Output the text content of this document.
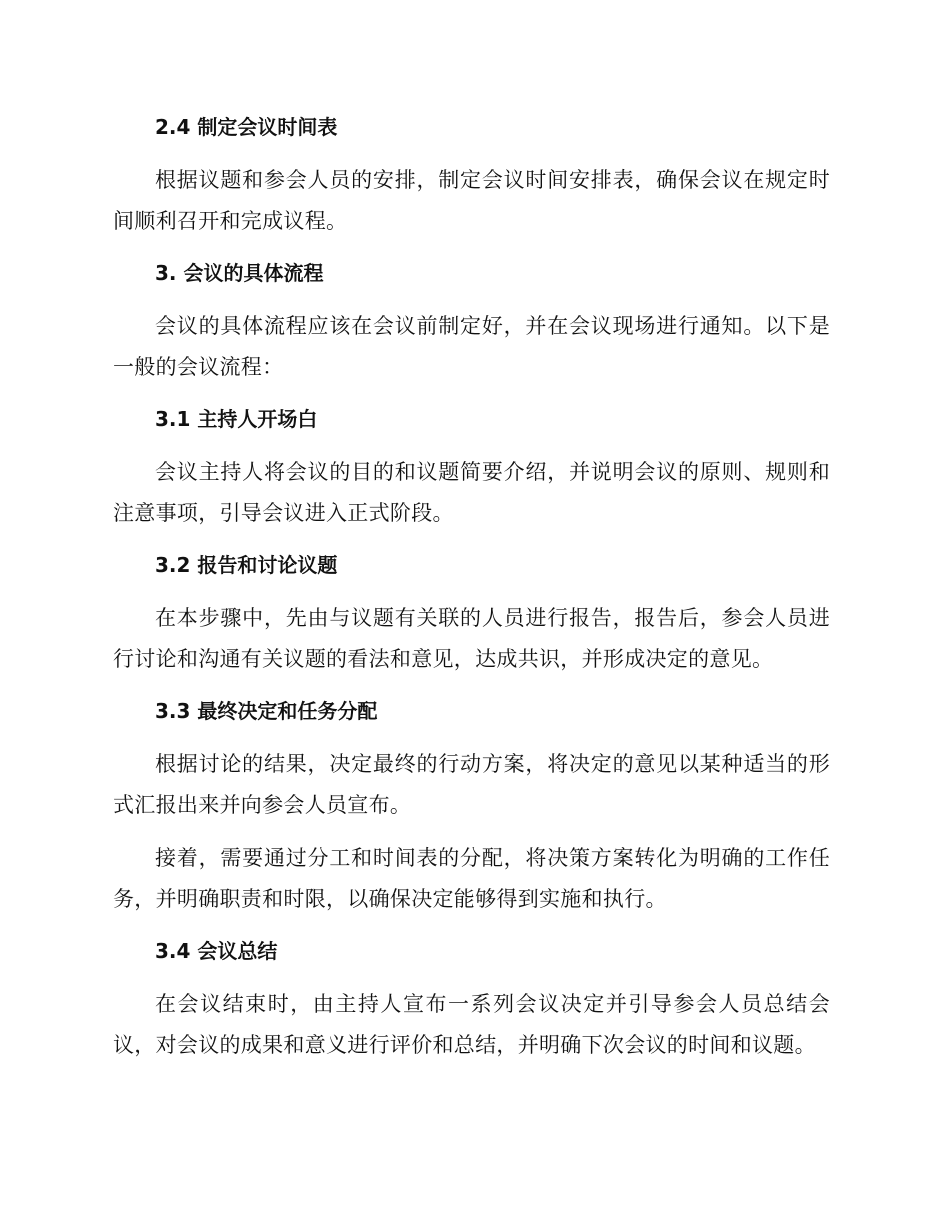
2.4 制定会议时间表

根据议题和参会人员的安排，制定会议时间安排表，确保会议在规定时间顺利召开和完成议程。

3. 会议的具体流程

会议的具体流程应该在会议前制定好，并在会议现场进行通知。以下是一般的会议流程：

3.1 主持人开场白

会议主持人将会议的目的和议题简要介绍，并说明会议的原则、规则和注意事项，引导会议进入正式阶段。

3.2 报告和讨论议题

在本步骤中，先由与议题有关联的人员进行报告，报告后，参会人员进行讨论和沟通有关议题的看法和意见，达成共识，并形成决定的意见。

3.3 最终决定和任务分配

根据讨论的结果，决定最终的行动方案，将决定的意见以某种适当的形式汇报出来并向参会人员宣布。

接着，需要通过分工和时间表的分配，将决策方案转化为明确的工作任务，并明确职责和时限，以确保决定能够得到实施和执行。

3.4 会议总结

在会议结束时，由主持人宣布一系列会议决定并引导参会人员总结会议，对会议的成果和意义进行评价和总结，并明确下次会议的时间和议题。
